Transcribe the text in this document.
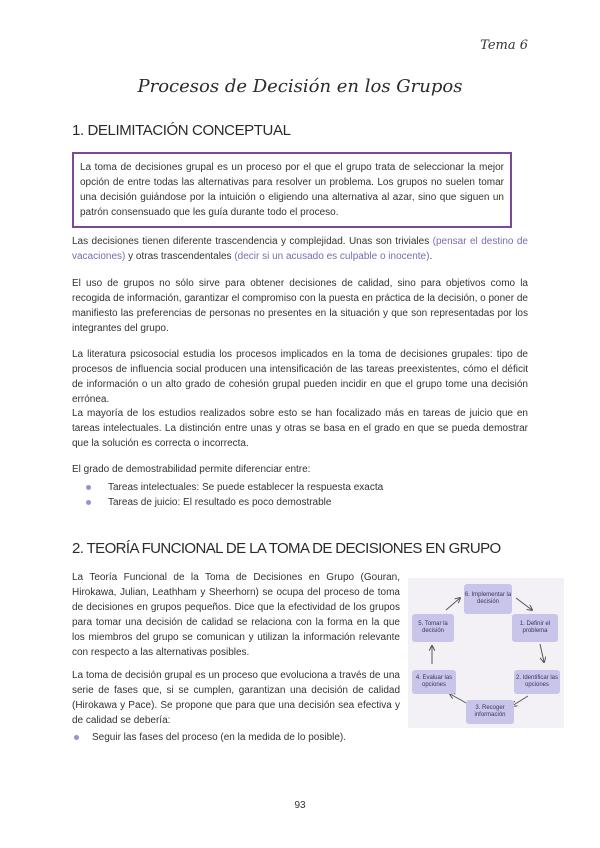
Tema 6
Procesos de Decisión en los Grupos
1. DELIMITACIÓN CONCEPTUAL

La toma de decisiones grupal es un proceso por el que el grupo trata de seleccionar la mejor opción de entre todas las alternativas para resolver un problema. Los grupos no suelen tomar una decisión guiándose por la intuición o eligiendo una alternativa al azar, sino que siguen un patrón consensuado que les guía durante todo el proceso.

Las decisiones tienen diferente trascendencia y complejidad. Unas son triviales (pensar el destino de vacaciones) y otras trascendentales (decir si un acusado es culpable o inocente).

El uso de grupos no sólo sirve para obtener decisiones de calidad, sino para objetivos como la recogida de información, garantizar el compromiso con la puesta en práctica de la decisión, o poner de manifiesto las preferencias de personas no presentes en la situación y que son representadas por los integrantes del grupo.

La literatura psicosocial estudia los procesos implicados en la toma de decisiones grupales: tipo de procesos de influencia social producen una intensificación de las tareas preexistentes, cómo el déficit de información o un alto grado de cohesión grupal pueden incidir en que el grupo tome una decisión errónea.

La mayoría de los estudios realizados sobre esto se han focalizado más en tareas de juicio que en tareas intelectuales. La distinción entre unas y otras se basa en el grado en que se pueda demostrar que la solución es correcta o incorrecta.

El grado de demostrabilidad permite diferenciar entre:

Tareas intelectuales: Se puede establecer la respuesta exacta
Tareas de juicio: El resultado es poco demostrable
2. TEORÍA FUNCIONAL DE LA TOMA DE DECISIONES EN GRUPO

La Teoría Funcional de la Toma de Decisiones en Grupo (Gouran, Hirokawa, Julian, Leathham y Sheerhorn) se ocupa del proceso de toma de decisiones en grupos pequeños. Dice que la efectividad de los grupos para tomar una decisión de calidad se relaciona con la forma en la que los miembros del grupo se comunican y utilizan la información relevante con respecto a las alternativas posibles.

La toma de decisión grupal es un proceso que evoluciona a través de una serie de fases que, si se cumplen, garantizan una decisión de calidad (Hirokawa y Pace). Se propone que para que una decisión sea efectiva y de calidad se debería:

Seguir las fases del proceso (en la medida de lo posible).
6. Implementar la decisión
1. Definir el problema
2. Identificar las opciones
3. Recoger información
4. Evaluar las opciones
5. Tomar la decisión
93
